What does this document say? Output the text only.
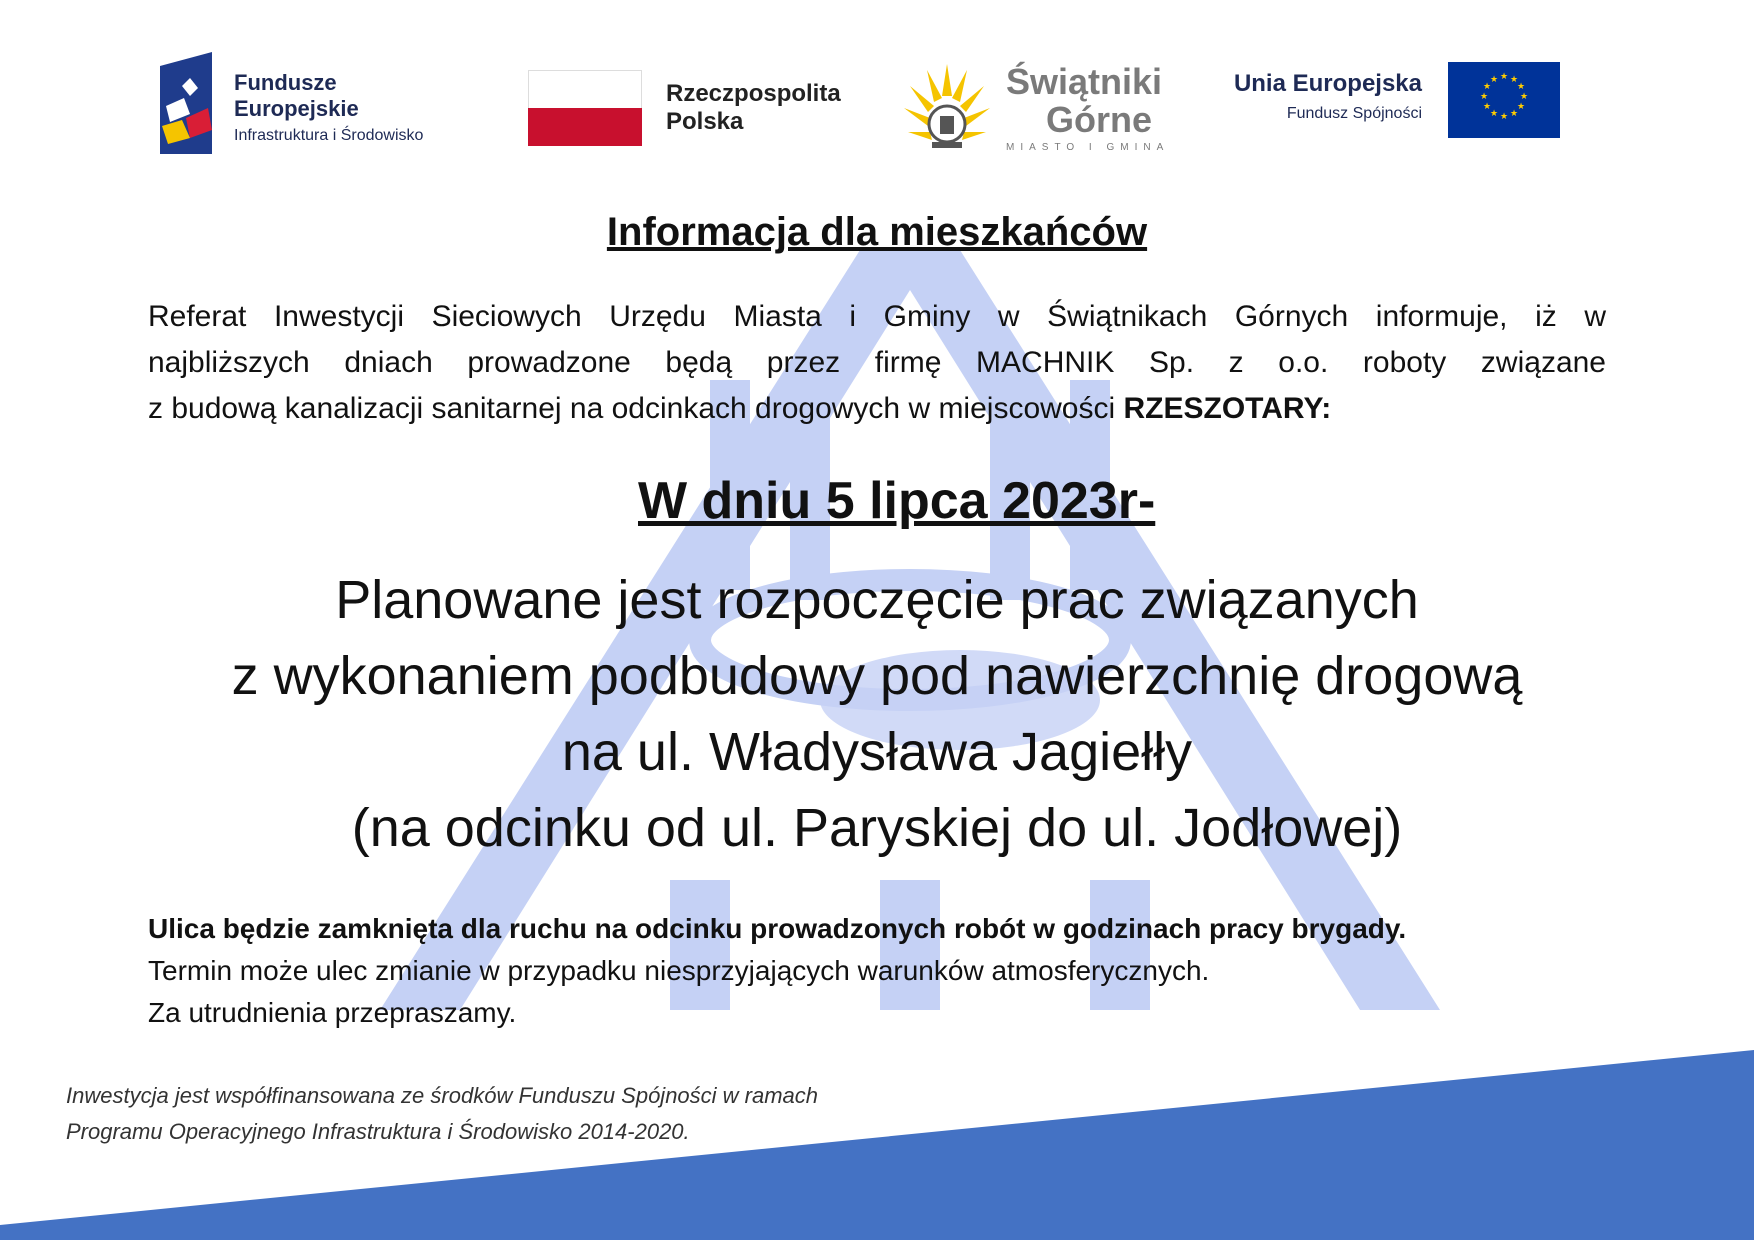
Fundusze
Europejskie
Infrastruktura i Środowisko
Rzeczpospolita
Polska
Świątniki
Górne
MIASTO I GMINA
Unia Europejska
Fundusz Spójności
★ ★
★
★
★
★
★
★
★
★
★
★
Informacja dla mieszkańców
Referat Inwestycji Sieciowych Urzędu Miasta i Gminy w Świątnikach Górnych informuje, iż w
najbliższych dniach prowadzone będą przez firmę MACHNIK Sp. z o.o. roboty związane
z budową kanalizacji sanitarnej na odcinkach drogowych w miejscowości RZESZOTARY:
W dniu 5 lipca 2023r-
Planowane jest rozpoczęcie prac związanych
z wykonaniem podbudowy pod nawierzchnię drogową
na ul. Władysława Jagiełły
(na odcinku od ul. Paryskiej do ul. Jodłowej)
Ulica będzie zamknięta dla ruchu na odcinku prowadzonych robót w godzinach pracy brygady.
Termin może ulec zmianie w przypadku niesprzyjających warunków atmosferycznych.
Za utrudnienia przepraszamy.
Inwestycja jest współfinansowana ze środków Funduszu Spójności w ramach
Programu Operacyjnego Infrastruktura i Środowisko 2014-2020.
